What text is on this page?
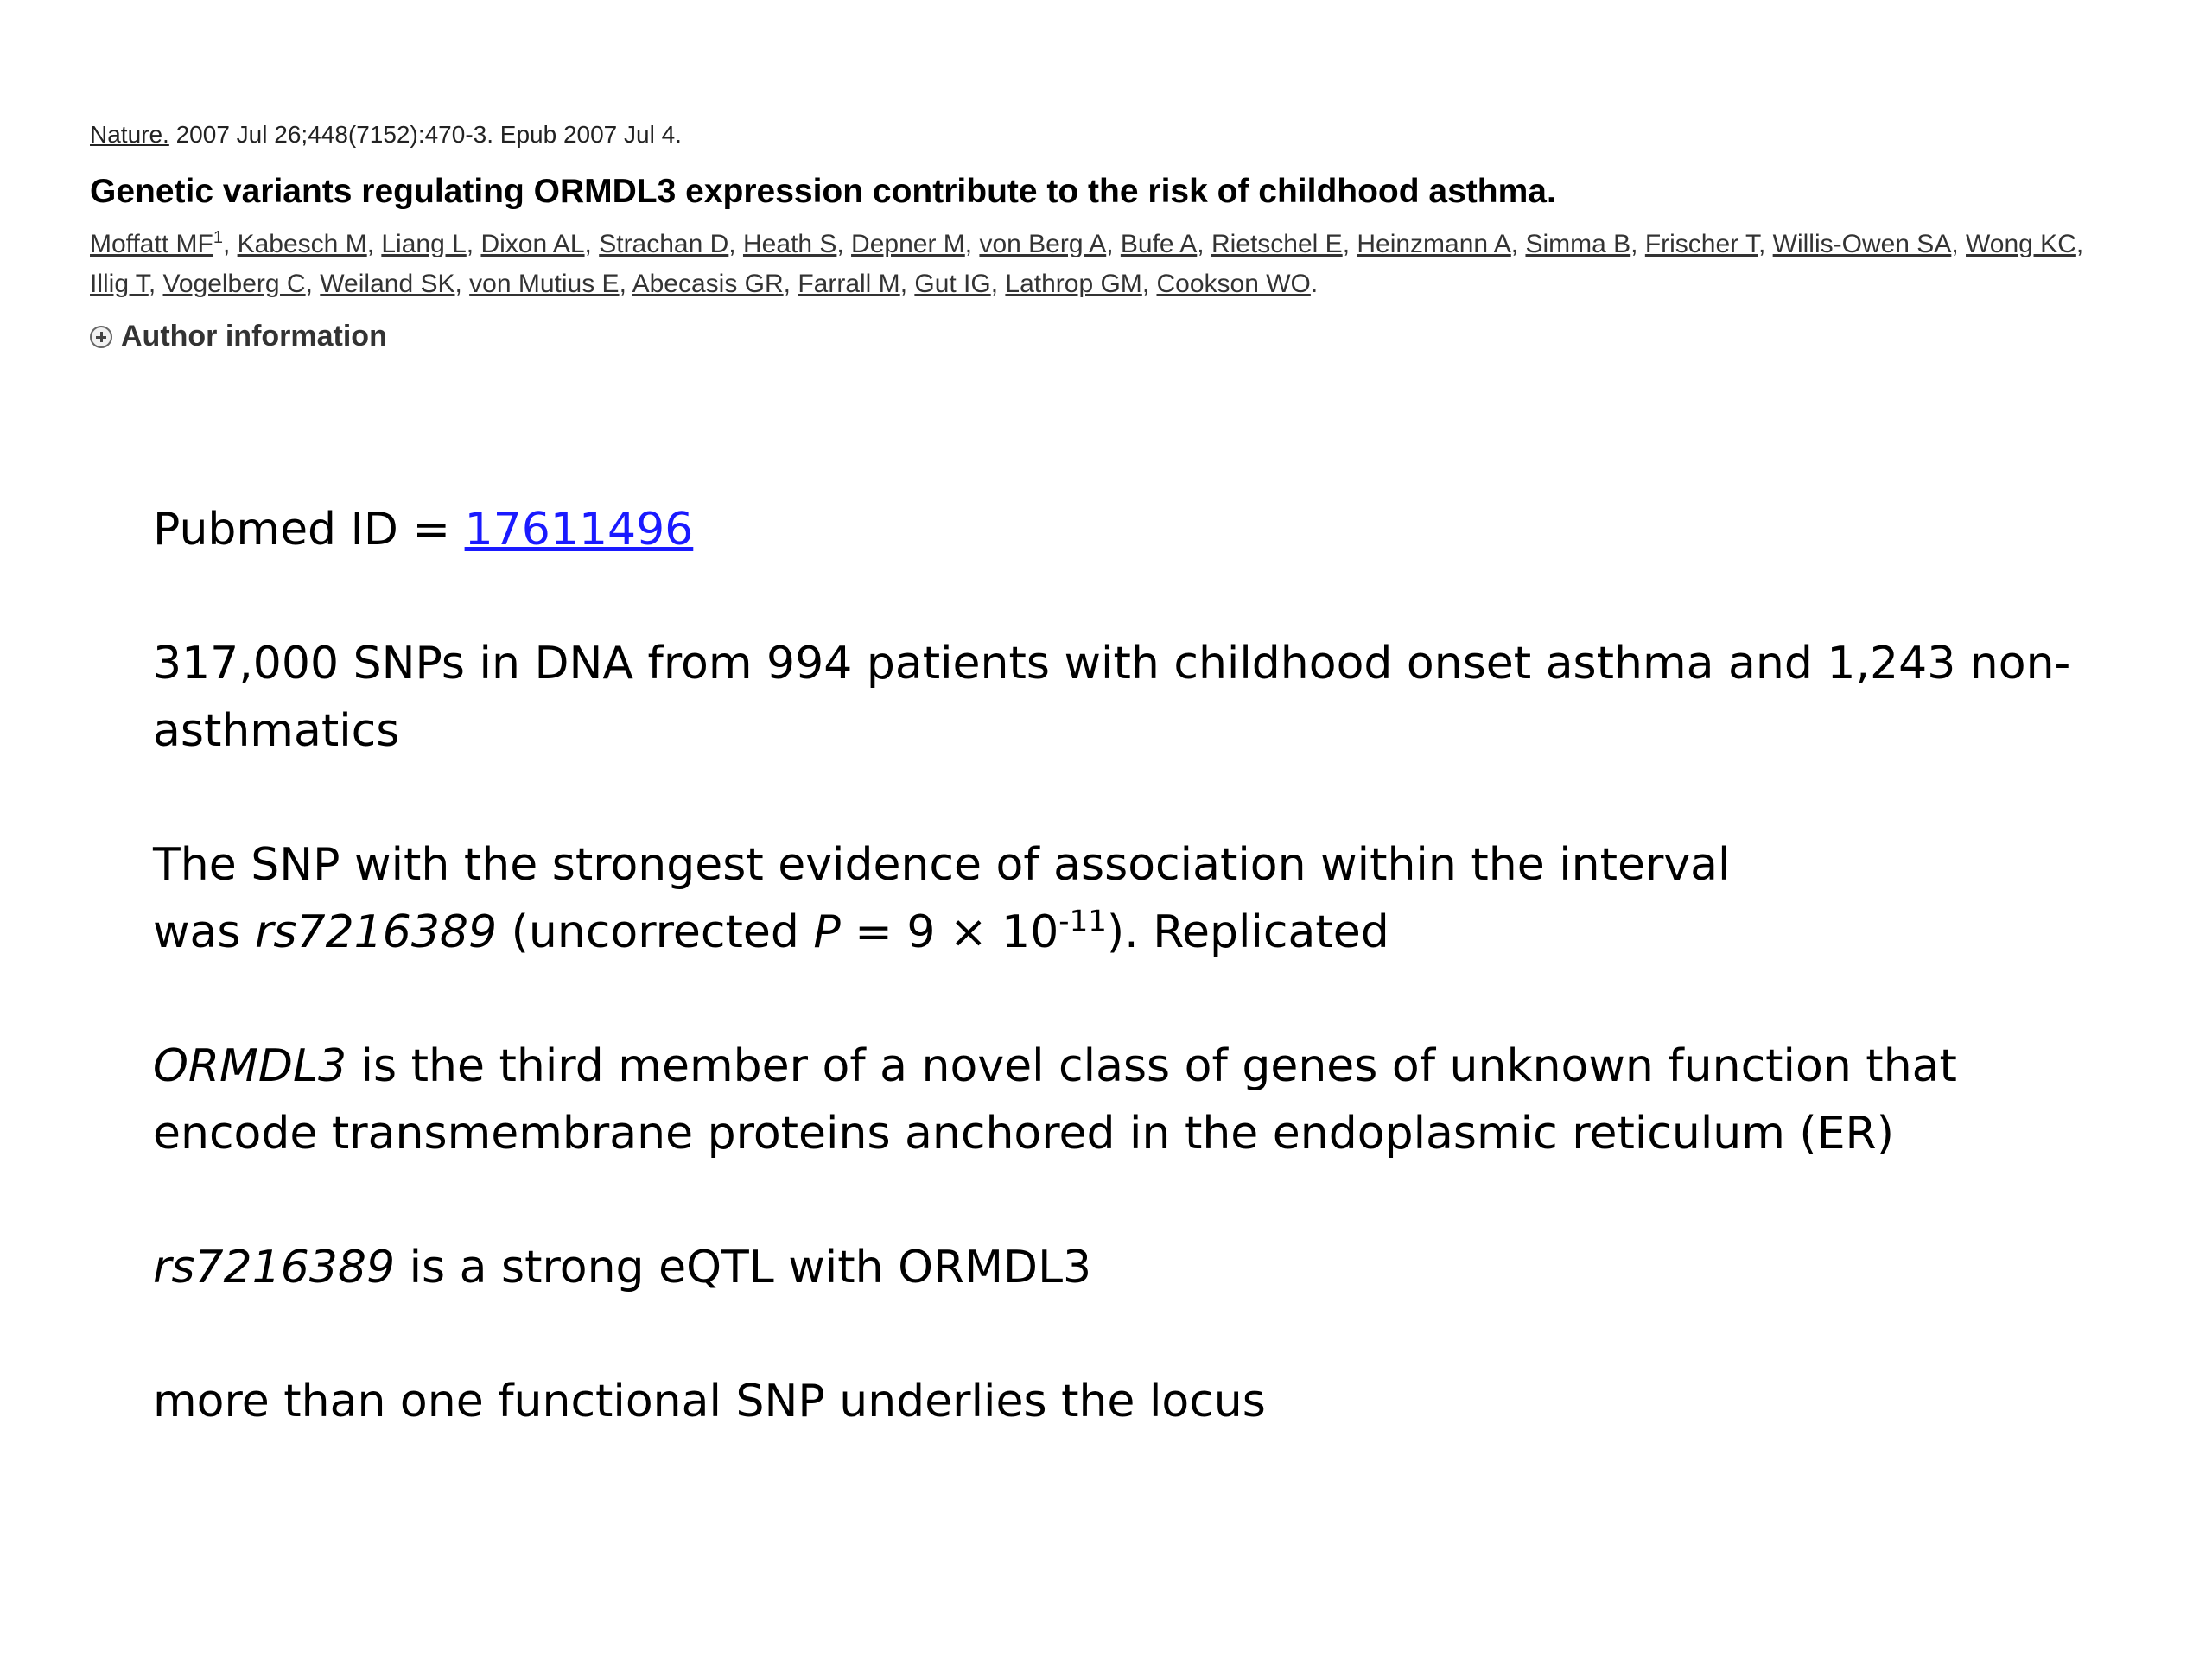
Nature. 2007 Jul 26;448(7152):470-3. Epub 2007 Jul 4.

Genetic variants regulating ORMDL3 expression contribute to the risk of childhood asthma.

Moffatt $MF^1$, Kabesch M, Liang L, Dixon AL, Strachan D, Heath S, Depner M, von Berg A, Bufe A, Rietschel E, Heinzmann A, Simma B, Frischer T, Willis-Owen SA, Wong KC, Illig T, Vogelberg C, Weiland SK, von Mutius E, Abecasis GR, Farrall M, Gut IG, Lathrop GM, Cookson WO.
Author information

Pubmed ID = 17611496

317,000 SNPs in DNA from 994 patients with childhood onset asthma and 1,243 non-asthmatics

The SNP with the strongest evidence of association within the interval
was rs7216389 (uncorrected $P = 9 \times 10^{-11}$). Replicated

ORMDL3 is the third member of a novel class of genes of unknown function that encode transmembrane proteins anchored in the endoplasmic reticulum (ER)

rs7216389 is a strong eQTL with ORMDL3

more than one functional SNP underlies the locus
